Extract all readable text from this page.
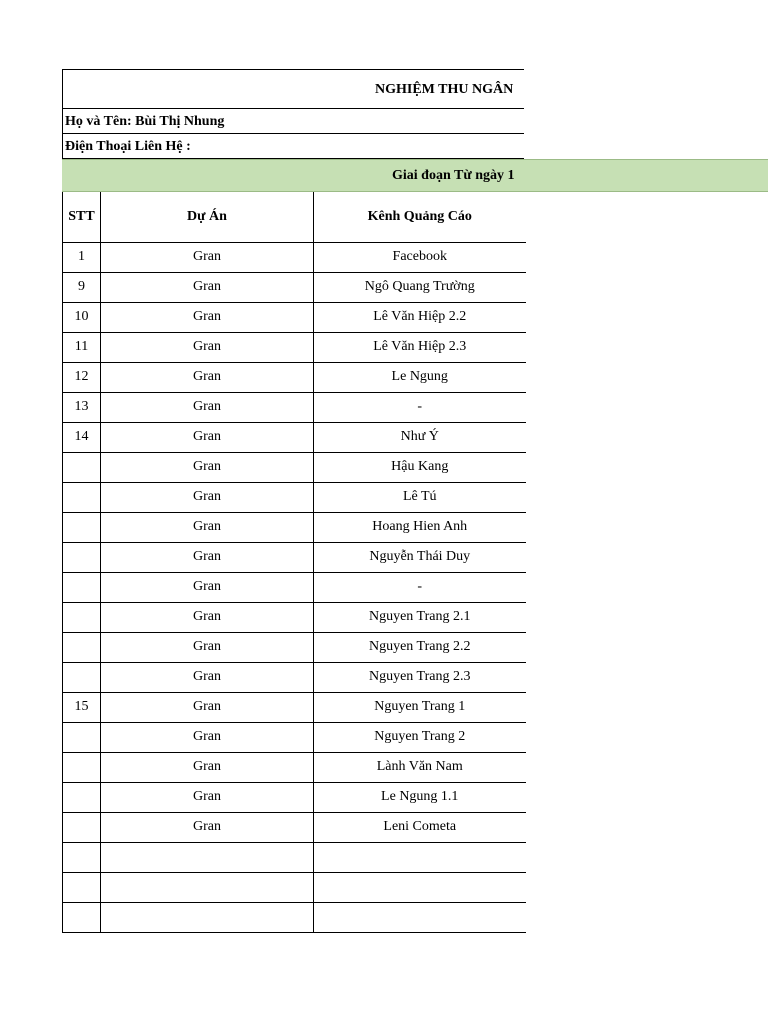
NGHIỆM THU NGÂN
Họ và Tên: Bùi Thị Nhung
Điện Thoại Liên Hệ :
Giai đoạn Từ ngày 1
STT	Dự Án	Kênh Quảng Cáo
1	Gran	Facebook
9	Gran	Ngô Quang Trường
10	Gran	Lê Văn Hiệp 2.2
11	Gran	Lê Văn Hiệp 2.3
12	Gran	Le Ngung
13	Gran	-
14	Gran	Như Ý
	Gran	Hậu Kang
	Gran	Lê Tú
	Gran	Hoang Hien Anh
	Gran	Nguyễn Thái Duy
	Gran	-
	Gran	Nguyen Trang 2.1
	Gran	Nguyen Trang 2.2
	Gran	Nguyen Trang 2.3
15	Gran	Nguyen Trang 1
	Gran	Nguyen Trang 2
	Gran	Lành Văn Nam
	Gran	Le Ngung 1.1
	Gran	Leni Cometa
